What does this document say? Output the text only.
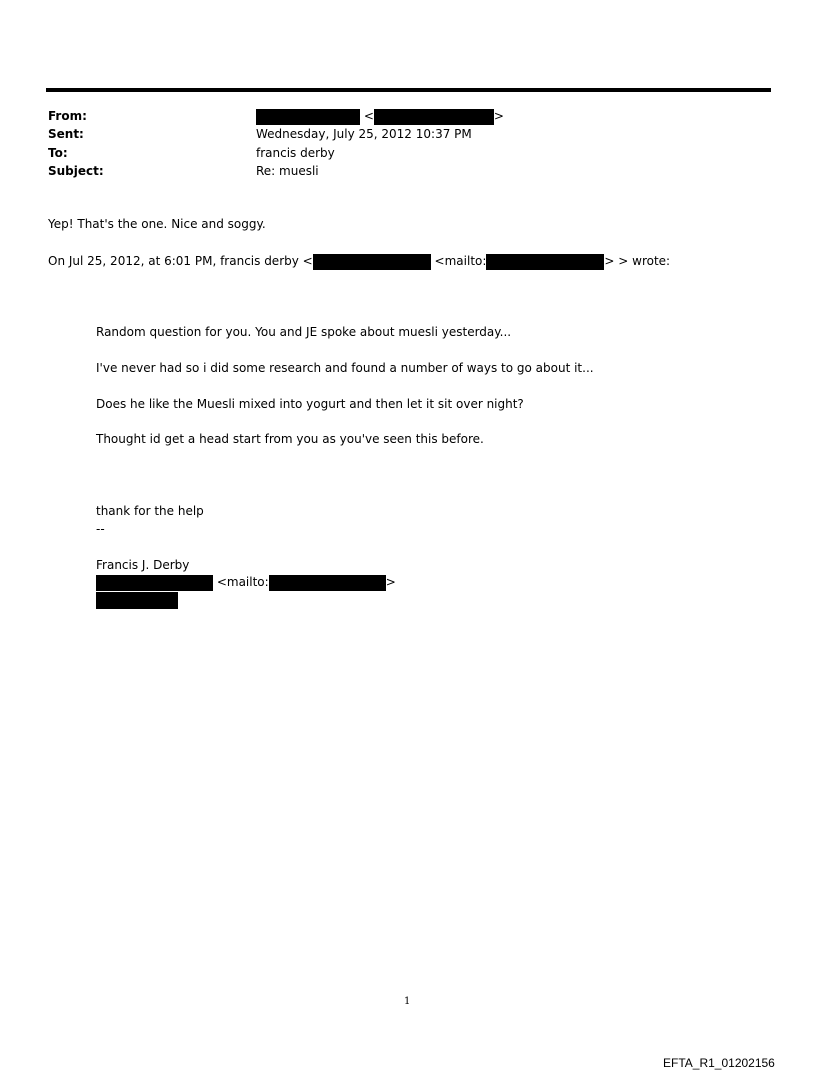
From:	<	>
Sent:	Wednesday, July 25, 2012 10:37 PM
To:	francis derby
Subject:	Re: muesli
Yep! That's the one. Nice and soggy.
On Jul 25, 2012, at 6:01 PM, francis derby <	<mailto:	> > wrote:
Random question for you. You and JE spoke about muesli yesterday...
I've never had so i did some research and found a number of ways to go about it...
Does he like the Muesli mixed into yogurt and then let it sit over night?
Thought id get a head start from you as you've seen this before.
thank for the help
--
Francis J. Derby
<mailto:	>
1
EFTA_R1_01202156
